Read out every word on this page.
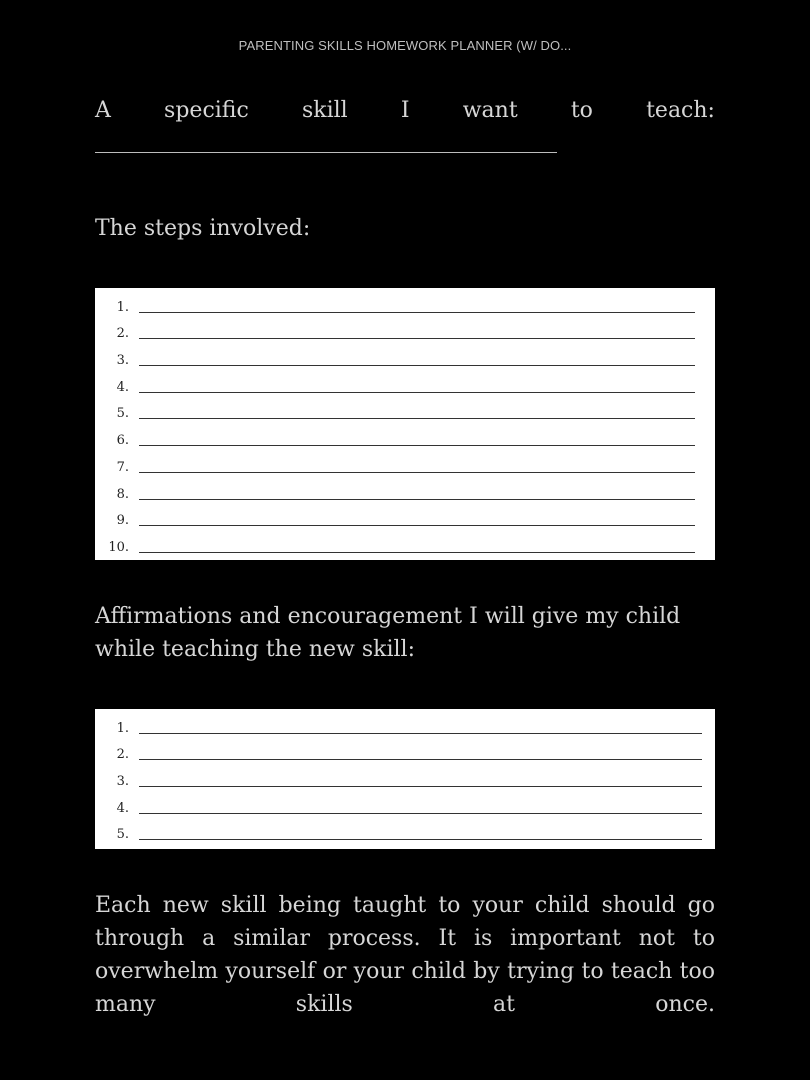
PARENTING SKILLS HOMEWORK PLANNER (W/ DO...
A specific skill I want to teach:
The steps involved:
1.
2.
3.
4.
5.
6.
7.
8.
9.
10.
Affirmations and encouragement I will give my child while teaching the new skill:
1.
2.
3.
4.
5.
Each new skill being taught to your child should go through a similar process. It is important not to overwhelm yourself or your child by trying to teach too many skills at once.
